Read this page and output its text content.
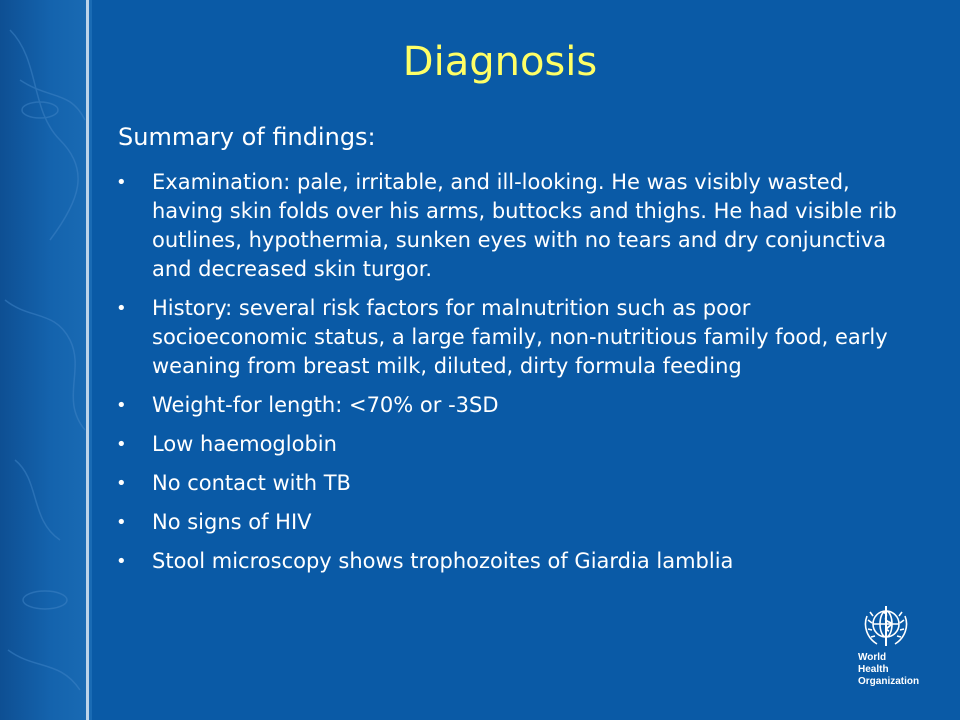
Diagnosis
Summary of findings:
• Examination: pale, irritable, and ill-looking. He was visibly wasted, having skin folds over his arms, buttocks and thighs. He had visible rib outlines, hypothermia, sunken eyes with no tears and dry conjunctiva and decreased skin turgor.
• History: several risk factors for malnutrition such as poor socioeconomic status, a large family, non-nutritious family food, early weaning from breast milk, diluted, dirty formula feeding
• Weight-for length: <70% or -3SD
• Low haemoglobin
• No contact with TB
• No signs of HIV
• Stool microscopy shows trophozoites of Giardia lamblia
World Health
Organization
